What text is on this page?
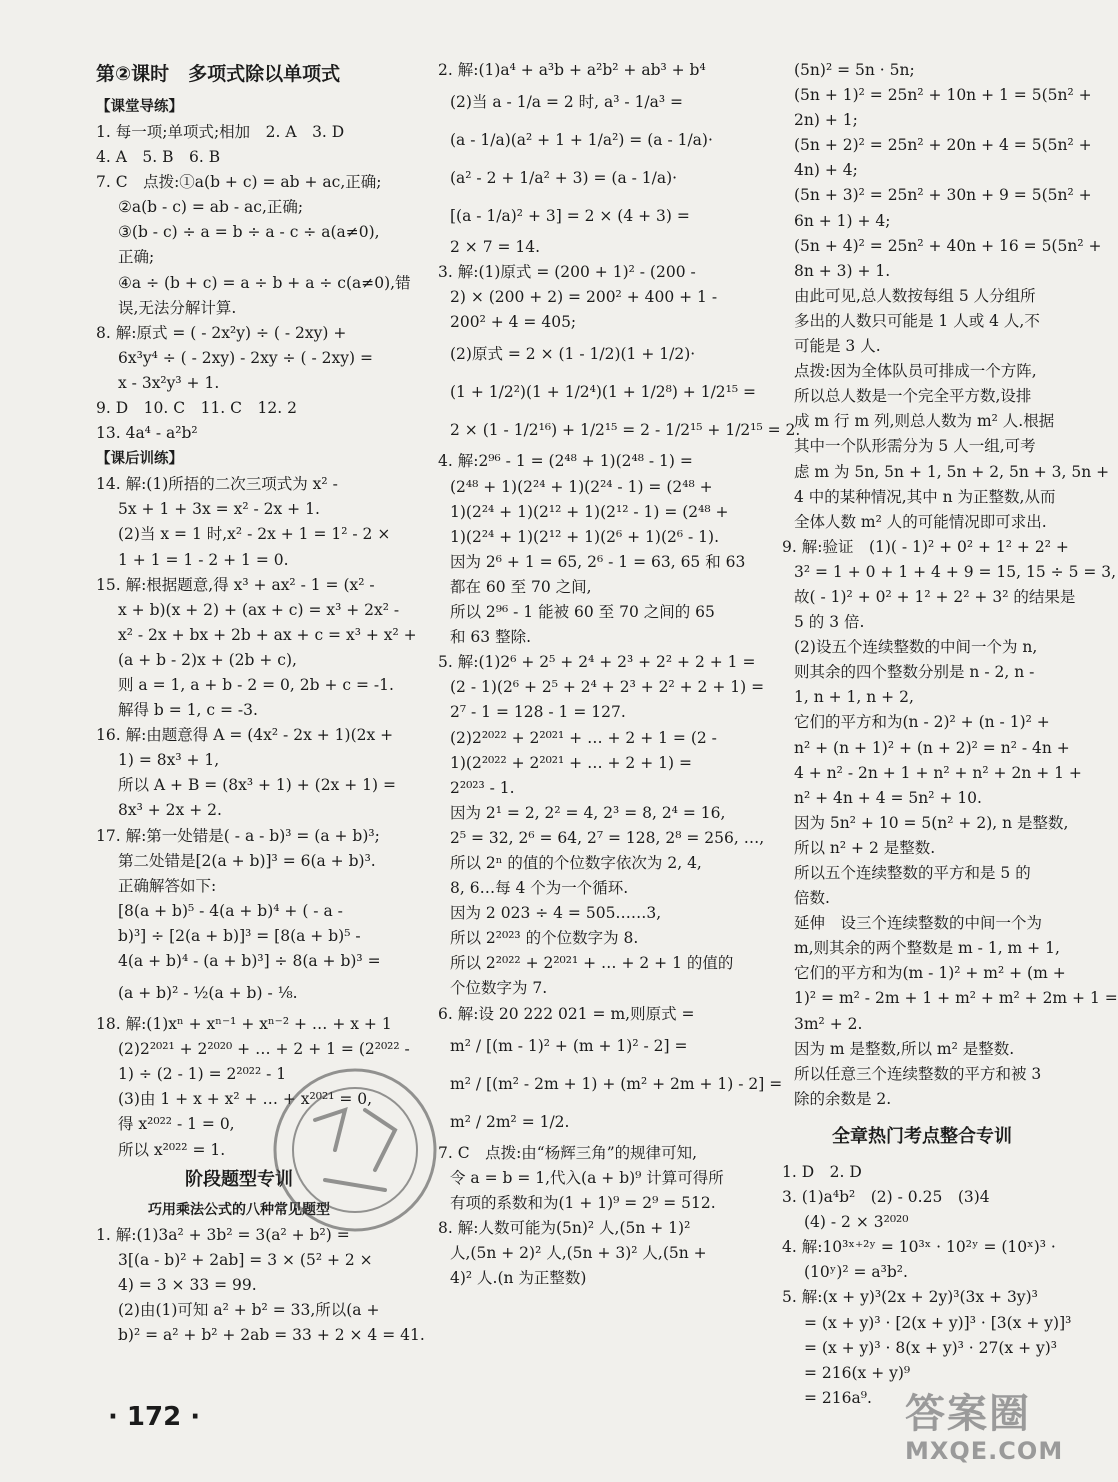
第②课时　多项式除以单项式
【课堂导练】
1. 每一项;单项式;相加　2. A　3. D
4. A　5. B　6. B
7. C　点拨:①a(b + c) = ab + ac,正确;
②a(b - c) = ab - ac,正确;
③(b - c) ÷ a = b ÷ a - c ÷ a(a≠0),
正确;
④a ÷ (b + c) = a ÷ b + a ÷ c(a≠0),错
误,无法分解计算.
8. 解:原式 = ( - 2x²y) ÷ ( - 2xy) +
6x³y⁴ ÷ ( - 2xy) - 2xy ÷ ( - 2xy) =
x - 3x²y³ + 1.
9. D　10. C　11. C　12. 2
13. 4a⁴ - a²b²
【课后训练】
14. 解:(1)所捂的二次三项式为 x² -
5x + 1 + 3x = x² - 2x + 1.
(2)当 x = 1 时,x² - 2x + 1 = 1² - 2 ×
1 + 1 = 1 - 2 + 1 = 0.
15. 解:根据题意,得 x³ + ax² - 1 = (x² -
x + b)(x + 2) + (ax + c) = x³ + 2x² -
x² - 2x + bx + 2b + ax + c = x³ + x² +
(a + b - 2)x + (2b + c),
则 a = 1, a + b - 2 = 0, 2b + c = -1.
解得 b = 1, c = -3.
16. 解:由题意得 A = (4x² - 2x + 1)(2x +
1) = 8x³ + 1,
所以 A + B = (8x³ + 1) + (2x + 1) =
8x³ + 2x + 2.
17. 解:第一处错是( - a - b)³ = (a + b)³;
第二处错是[2(a + b)]³ = 6(a + b)³.
正确解答如下:
[8(a + b)⁵ - 4(a + b)⁴ + ( - a -
b)³] ÷ [2(a + b)]³ = [8(a + b)⁵ -
4(a + b)⁴ - (a + b)³] ÷ 8(a + b)³ =
(a + b)² - ½(a + b) - ⅛.
18. 解:(1)xⁿ + xⁿ⁻¹ + xⁿ⁻² + … + x + 1
(2)2²⁰²¹ + 2²⁰²⁰ + … + 2 + 1 = (2²⁰²² -
1) ÷ (2 - 1) = 2²⁰²² - 1
(3)由 1 + x + x² + … + x²⁰²¹ = 0,
得 x²⁰²² - 1 = 0,
所以 x²⁰²² = 1.
阶段题型专训
巧用乘法公式的八种常见题型
1. 解:(1)3a² + 3b² = 3(a² + b²) =
3[(a - b)² + 2ab] = 3 × (5² + 2 ×
4) = 3 × 33 = 99.
(2)由(1)可知 a² + b² = 33,所以(a +
b)² = a² + b² + 2ab = 33 + 2 × 4 = 41.
2. 解:(1)a⁴ + a³b + a²b² + ab³ + b⁴
(2)当 a - 1/a = 2 时, a³ - 1/a³ =
(a - 1/a)(a² + 1 + 1/a²) = (a - 1/a)·
(a² - 2 + 1/a² + 3) = (a - 1/a)·
[(a - 1/a)² + 3] = 2 × (4 + 3) =
2 × 7 = 14.
3. 解:(1)原式 = (200 + 1)² - (200 -
2) × (200 + 2) = 200² + 400 + 1 -
200² + 4 = 405;
(2)原式 = 2 × (1 - 1/2)(1 + 1/2)·
(1 + 1/2²)(1 + 1/2⁴)(1 + 1/2⁸) + 1/2¹⁵ =
2 × (1 - 1/2¹⁶) + 1/2¹⁵ = 2 - 1/2¹⁵ + 1/2¹⁵ = 2.
4. 解:2⁹⁶ - 1 = (2⁴⁸ + 1)(2⁴⁸ - 1) =
(2⁴⁸ + 1)(2²⁴ + 1)(2²⁴ - 1) = (2⁴⁸ +
1)(2²⁴ + 1)(2¹² + 1)(2¹² - 1) = (2⁴⁸ +
1)(2²⁴ + 1)(2¹² + 1)(2⁶ + 1)(2⁶ - 1).
因为 2⁶ + 1 = 65, 2⁶ - 1 = 63, 65 和 63
都在 60 至 70 之间,
所以 2⁹⁶ - 1 能被 60 至 70 之间的 65
和 63 整除.
5. 解:(1)2⁶ + 2⁵ + 2⁴ + 2³ + 2² + 2 + 1 =
(2 - 1)(2⁶ + 2⁵ + 2⁴ + 2³ + 2² + 2 + 1) =
2⁷ - 1 = 128 - 1 = 127.
(2)2²⁰²² + 2²⁰²¹ + … + 2 + 1 = (2 -
1)(2²⁰²² + 2²⁰²¹ + … + 2 + 1) =
2²⁰²³ - 1.
因为 2¹ = 2, 2² = 4, 2³ = 8, 2⁴ = 16,
2⁵ = 32, 2⁶ = 64, 2⁷ = 128, 2⁸ = 256, …,
所以 2ⁿ 的值的个位数字依次为 2, 4,
8, 6…每 4 个为一个循环.
因为 2 023 ÷ 4 = 505……3,
所以 2²⁰²³ 的个位数字为 8.
所以 2²⁰²² + 2²⁰²¹ + … + 2 + 1 的值的
个位数字为 7.
6. 解:设 20 222 021 = m,则原式 =
m² / [(m - 1)² + (m + 1)² - 2] =
m² / [(m² - 2m + 1) + (m² + 2m + 1) - 2] =
m² / 2m² = 1/2.
7. C　点拨:由“杨辉三角”的规律可知,
令 a = b = 1,代入(a + b)⁹ 计算可得所
有项的系数和为(1 + 1)⁹ = 2⁹ = 512.
8. 解:人数可能为(5n)² 人,(5n + 1)²
人,(5n + 2)² 人,(5n + 3)² 人,(5n +
4)² 人.(n 为正整数)
(5n)² = 5n · 5n;
(5n + 1)² = 25n² + 10n + 1 = 5(5n² +
2n) + 1;
(5n + 2)² = 25n² + 20n + 4 = 5(5n² +
4n) + 4;
(5n + 3)² = 25n² + 30n + 9 = 5(5n² +
6n + 1) + 4;
(5n + 4)² = 25n² + 40n + 16 = 5(5n² +
8n + 3) + 1.
由此可见,总人数按每组 5 人分组所
多出的人数只可能是 1 人或 4 人,不
可能是 3 人.
点拨:因为全体队员可排成一个方阵,
所以总人数是一个完全平方数,设排
成 m 行 m 列,则总人数为 m² 人.根据
其中一个队形需分为 5 人一组,可考
虑 m 为 5n, 5n + 1, 5n + 2, 5n + 3, 5n +
4 中的某种情况,其中 n 为正整数,从而
全体人数 m² 人的可能情况即可求出.
9. 解:验证　(1)( - 1)² + 0² + 1² + 2² +
3² = 1 + 0 + 1 + 4 + 9 = 15, 15 ÷ 5 = 3,
故( - 1)² + 0² + 1² + 2² + 3² 的结果是
5 的 3 倍.
(2)设五个连续整数的中间一个为 n,
则其余的四个整数分别是 n - 2, n -
1, n + 1, n + 2,
它们的平方和为(n - 2)² + (n - 1)² +
n² + (n + 1)² + (n + 2)² = n² - 4n +
4 + n² - 2n + 1 + n² + n² + 2n + 1 +
n² + 4n + 4 = 5n² + 10.
因为 5n² + 10 = 5(n² + 2), n 是整数,
所以 n² + 2 是整数.
所以五个连续整数的平方和是 5 的
倍数.
延伸　设三个连续整数的中间一个为
m,则其余的两个整数是 m - 1, m + 1,
它们的平方和为(m - 1)² + m² + (m +
1)² = m² - 2m + 1 + m² + m² + 2m + 1 =
3m² + 2.
因为 m 是整数,所以 m² 是整数.
所以任意三个连续整数的平方和被 3
除的余数是 2.
全章热门考点整合专训
1. D　2. D
3. (1)a⁴b²　(2) - 0.25　(3)4
(4) - 2 × 3²⁰²⁰
4. 解:10³ˣ⁺²ʸ = 10³ˣ · 10²ʸ = (10ˣ)³ ·
(10ʸ)² = a³b².
5. 解:(x + y)³(2x + 2y)³(3x + 3y)³
= (x + y)³ · [2(x + y)]³ · [3(x + y)]³
= (x + y)³ · 8(x + y)³ · 27(x + y)³
= 216(x + y)⁹
= 216a⁹.
· 172 ·	答案圈
MXQE.COM
